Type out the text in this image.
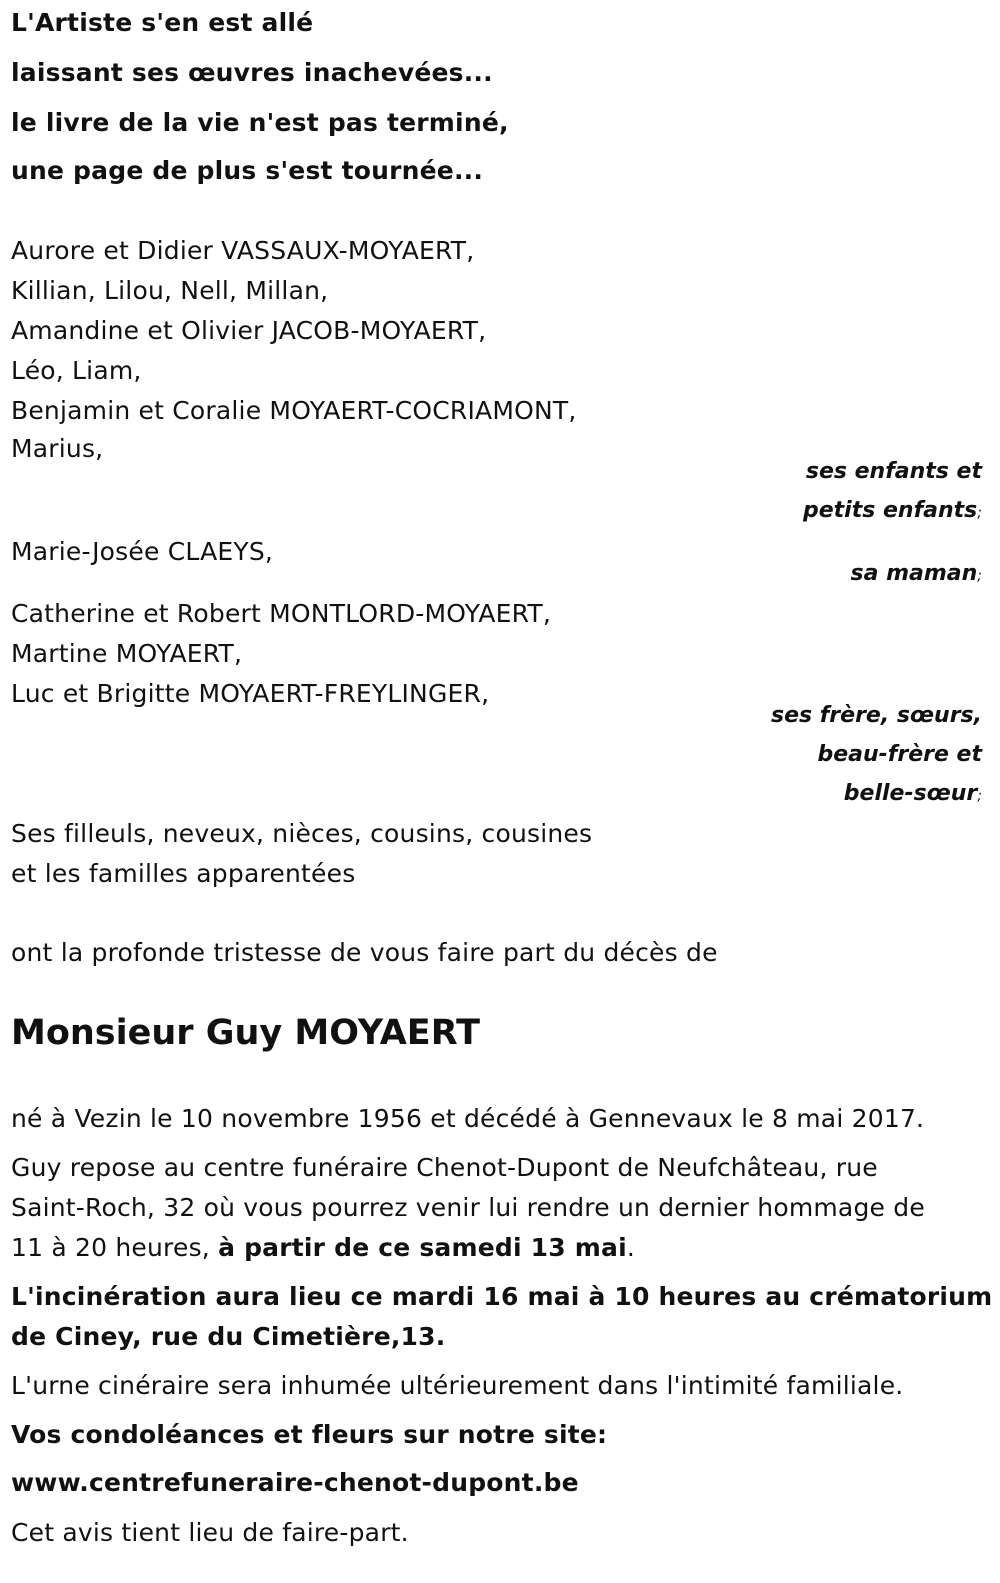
L'Artiste s'en est allé
laissant ses œuvres inachevées...
le livre de la vie n'est pas terminé,
une page de plus s'est tournée...
Aurore et Didier VASSAUX-MOYAERT,
Killian, Lilou, Nell, Millan,
Amandine et Olivier JACOB-MOYAERT,
Léo, Liam,
Benjamin et Coralie MOYAERT-COCRIAMONT,
Marius,
ses enfants et
petits enfants;
Marie-Josée CLAEYS,
sa maman;
Catherine et Robert MONTLORD-MOYAERT,
Martine MOYAERT,
Luc et Brigitte MOYAERT-FREYLINGER,
ses frère, sœurs,
beau-frère et
belle-sœur;
Ses filleuls, neveux, nièces, cousins, cousines
et les familles apparentées
ont la profonde tristesse de vous faire part du décès de
Monsieur Guy MOYAERT
né à Vezin le 10 novembre 1956 et décédé à Gennevaux le 8 mai 2017.
Guy repose au centre funéraire Chenot-Dupont de Neufchâteau, rue
Saint-Roch, 32 où vous pourrez venir lui rendre un dernier hommage de
11 à 20 heures, à partir de ce samedi 13 mai.
L'incinération aura lieu ce mardi 16 mai à 10 heures au crématorium
de Ciney, rue du Cimetière,13.
L'urne cinéraire sera inhumée ultérieurement dans l'intimité familiale.
Vos condoléances et fleurs sur notre site:
www.centrefuneraire-chenot-dupont.be
Cet avis tient lieu de faire-part.
